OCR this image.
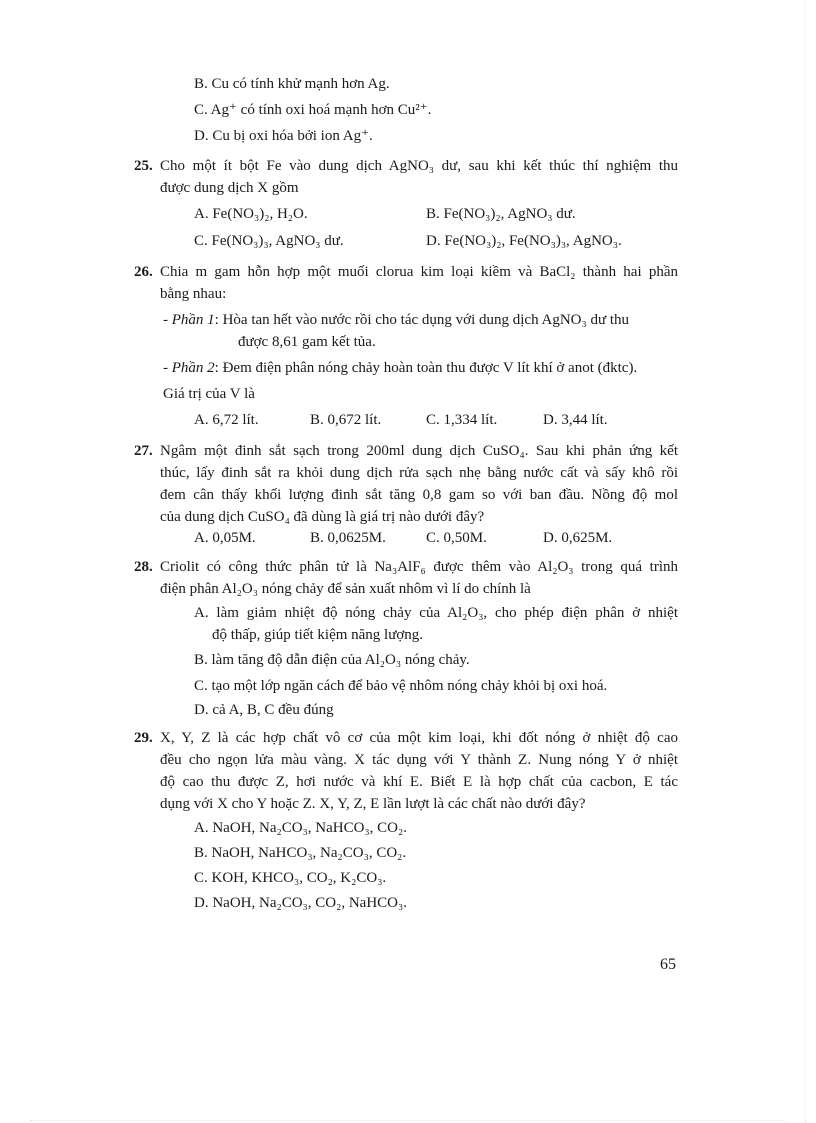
B. Cu có tính khử mạnh hơn Ag.
C. Ag⁺ có tính oxi hoá mạnh hơn Cu²⁺.
D. Cu bị oxi hóa bởi ion Ag⁺.
25. Cho một ít bột Fe vào dung dịch AgNO₃ dư, sau khi kết thúc thí nghiệm thu
được dung dịch X gồm
A. Fe(NO₃)₂, H₂O.	B. Fe(NO₃)₂, AgNO₃ dư.
C. Fe(NO₃)₃, AgNO₃ dư.	D. Fe(NO₃)₂, Fe(NO₃)₃, AgNO₃.
26. Chia m gam hỗn hợp một muối clorua kim loại kiềm và BaCl₂ thành hai phần
bằng nhau:
- Phần 1: Hòa tan hết vào nước rồi cho tác dụng với dung dịch AgNO₃ dư thu
được 8,61 gam kết tủa.
- Phần 2: Đem điện phân nóng chảy hoàn toàn thu được V lít khí ở anot (đktc).
Giá trị của V là
A. 6,72 lít.	B. 0,672 lít.	C. 1,334 lít.	D. 3,44 lít.
27. Ngâm một đinh sắt sạch trong 200ml dung dịch CuSO₄. Sau khi phản ứng kết
thúc, lấy đinh sắt ra khỏi dung dịch rửa sạch nhẹ bằng nước cất và sấy khô rồi
đem cân thấy khối lượng đinh sắt tăng 0,8 gam so với ban đầu. Nồng độ mol
của dung dịch CuSO₄ đã dùng là giá trị nào dưới đây?
A. 0,05M.	B. 0,0625M.	C. 0,50M.	D. 0,625M.
28. Criolit có công thức phân tử là Na₃AlF₆ được thêm vào Al₂O₃ trong quá trình
điện phân Al₂O₃ nóng chảy để sản xuất nhôm vì lí do chính là
A. làm giảm nhiệt độ nóng chảy của Al₂O₃, cho phép điện phân ở nhiệt
độ thấp, giúp tiết kiệm năng lượng.
B. làm tăng độ dẫn điện của Al₂O₃ nóng chảy.
C. tạo một lớp ngăn cách để bảo vệ nhôm nóng chảy khỏi bị oxi hoá.
D. cả A, B, C đều đúng
29. X, Y, Z là các hợp chất vô cơ của một kim loại, khi đốt nóng ở nhiệt độ cao
đều cho ngọn lửa màu vàng. X tác dụng với Y thành Z. Nung nóng Y ở nhiệt
độ cao thu được Z, hơi nước và khí E. Biết E là hợp chất của cacbon, E tác
dụng với X cho Y hoặc Z. X, Y, Z, E lần lượt là các chất nào dưới đây?
A. NaOH, Na₂CO₃, NaHCO₃, CO₂.
B. NaOH, NaHCO₃, Na₂CO₃, CO₂.
C. KOH, KHCO₃, CO₂, K₂CO₃.
D. NaOH, Na₂CO₃, CO₂, NaHCO₃.
65
